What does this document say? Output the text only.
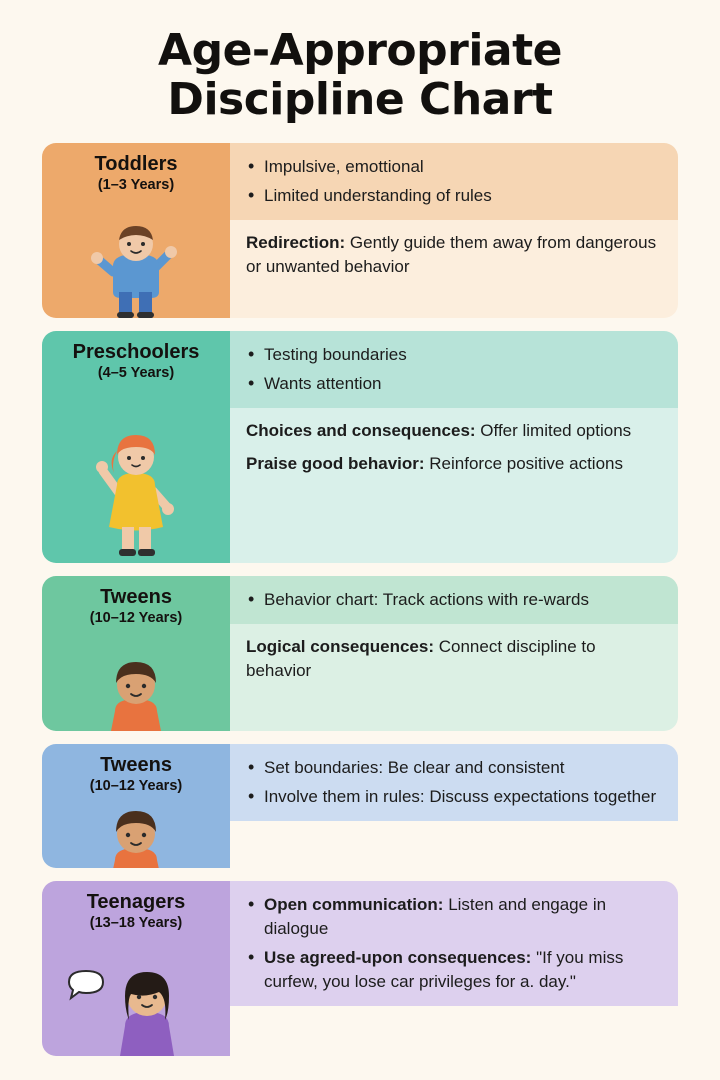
Age-Appropriate
Discipline Chart
Toddlers
(1–3 Years)
• Impulsive, emottional
• Limited understanding of rules
Redirection: Gently guide them away from dangerous or unwanted behavior
Preschoolers
(4–5 Years)
• Testing boundaries
• Wants attention
Choices and consequences: Offer limited options
Praise good behavior: Reinforce positive actions
Tweens
(10–12 Years)
• Behavior chart: Track actions with re-wards
Logical consequences: Connect discipline to behavior
Tweens
(10–12 Years)
• Set boundaries: Be clear and consistent
• Involve them in rules: Discuss expectations together
Teenagers
(13–18 Years)
• Open communication: Listen and engage in dialogue
• Use agreed-upon consequences: "If you miss curfew, you lose car privileges for a. day."
